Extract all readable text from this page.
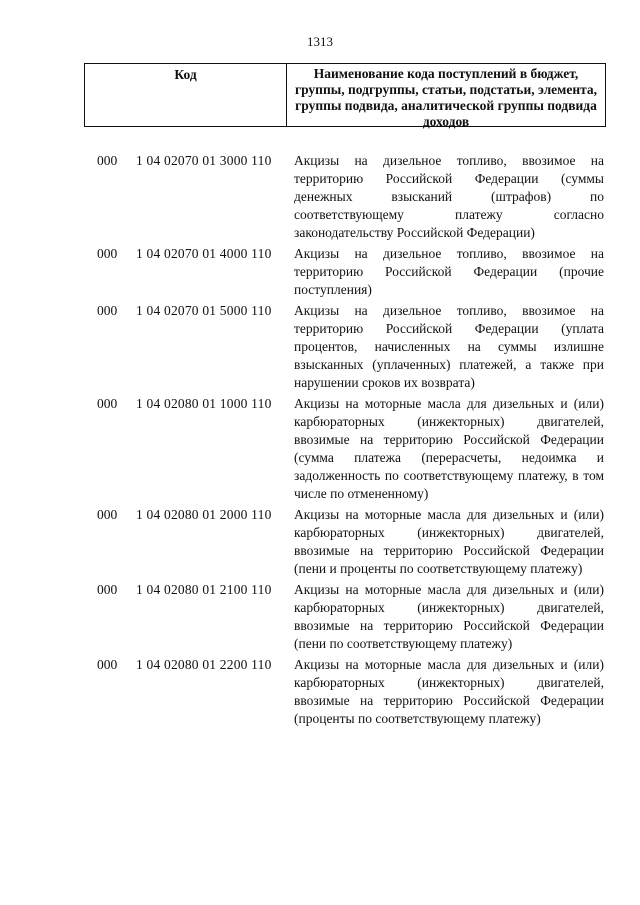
1313
Код	Наименование кода поступлений в бюджет, группы, подгруппы, статьи, подстатьи, элемента, группы подвида, аналитической группы подвида доходов
000	1 04 02070 01 3000 110	Акцизы на дизельное топливо, ввозимое на территорию Российской Федерации (суммы денежных взысканий (штрафов) по соответствующему платежу согласно законодательству Российской Федерации)
000	1 04 02070 01 4000 110	Акцизы на дизельное топливо, ввозимое на территорию Российской Федерации (прочие поступления)
000	1 04 02070 01 5000 110	Акцизы на дизельное топливо, ввозимое на территорию Российской Федерации (уплата процентов, начисленных на суммы излишне взысканных (уплаченных) платежей, а также при нарушении сроков их возврата)
000	1 04 02080 01 1000 110	Акцизы на моторные масла для дизельных и (или) карбюраторных (инжекторных) двигателей, ввозимые на территорию Российской Федерации (сумма платежа (перерасчеты, недоимка и задолженность по соответствующему платежу, в том числе по отмененному)
000	1 04 02080 01 2000 110	Акцизы на моторные масла для дизельных и (или) карбюраторных (инжекторных) двигателей, ввозимые на территорию Российской Федерации (пени и проценты по соответствующему платежу)
000	1 04 02080 01 2100 110	Акцизы на моторные масла для дизельных и (или) карбюраторных (инжекторных) двигателей, ввозимые на территорию Российской Федерации (пени по соответствующему платежу)
000	1 04 02080 01 2200 110	Акцизы на моторные масла для дизельных и (или) карбюраторных (инжекторных) двигателей, ввозимые на территорию Российской Федерации (проценты по соответствующему платежу)
